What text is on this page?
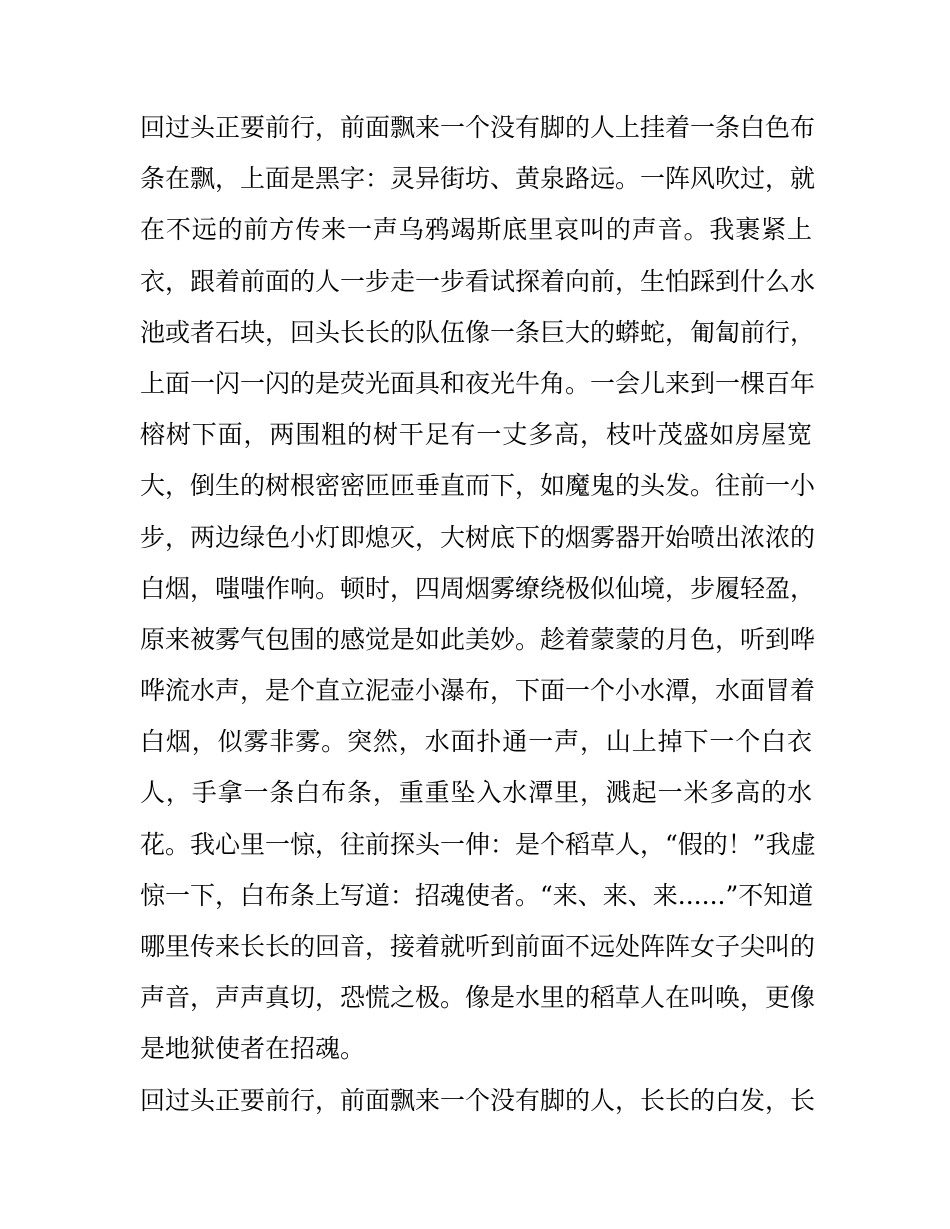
回过头正要前行，前面飘来一个没有脚的人上挂着一条白色布
条在飘，上面是黑字：灵异街坊、黄泉路远。一阵风吹过，就
在不远的前方传来一声乌鸦竭斯底里哀叫的声音。我裹紧上
衣，跟着前面的人一步走一步看试探着向前，生怕踩到什么水
池或者石块，回头长长的队伍像一条巨大的蟒蛇，匍匐前行，
上面一闪一闪的是荧光面具和夜光牛角。一会儿来到一棵百年
榕树下面，两围粗的树干足有一丈多高，枝叶茂盛如房屋宽
大，倒生的树根密密匝匝垂直而下，如魔鬼的头发。往前一小
步，两边绿色小灯即熄灭，大树底下的烟雾器开始喷出浓浓的
白烟，嗤嗤作响。顿时，四周烟雾缭绕极似仙境，步履轻盈，
原来被雾气包围的感觉是如此美妙。趁着蒙蒙的月色，听到哗
哗流水声，是个直立泥壶小瀑布，下面一个小水潭，水面冒着
白烟，似雾非雾。突然，水面扑通一声，山上掉下一个白衣
人，手拿一条白布条，重重坠入水潭里，溅起一米多高的水
花。我心里一惊，往前探头一伸：是个稻草人，“假的！”我虚
惊一下，白布条上写道：招魂使者。“来、来、来......”不知道
哪里传来长长的回音，接着就听到前面不远处阵阵女子尖叫的
声音，声声真切，恐慌之极。像是水里的稻草人在叫唤，更像
是地狱使者在招魂。
回过头正要前行，前面飘来一个没有脚的人，长长的白发，长
